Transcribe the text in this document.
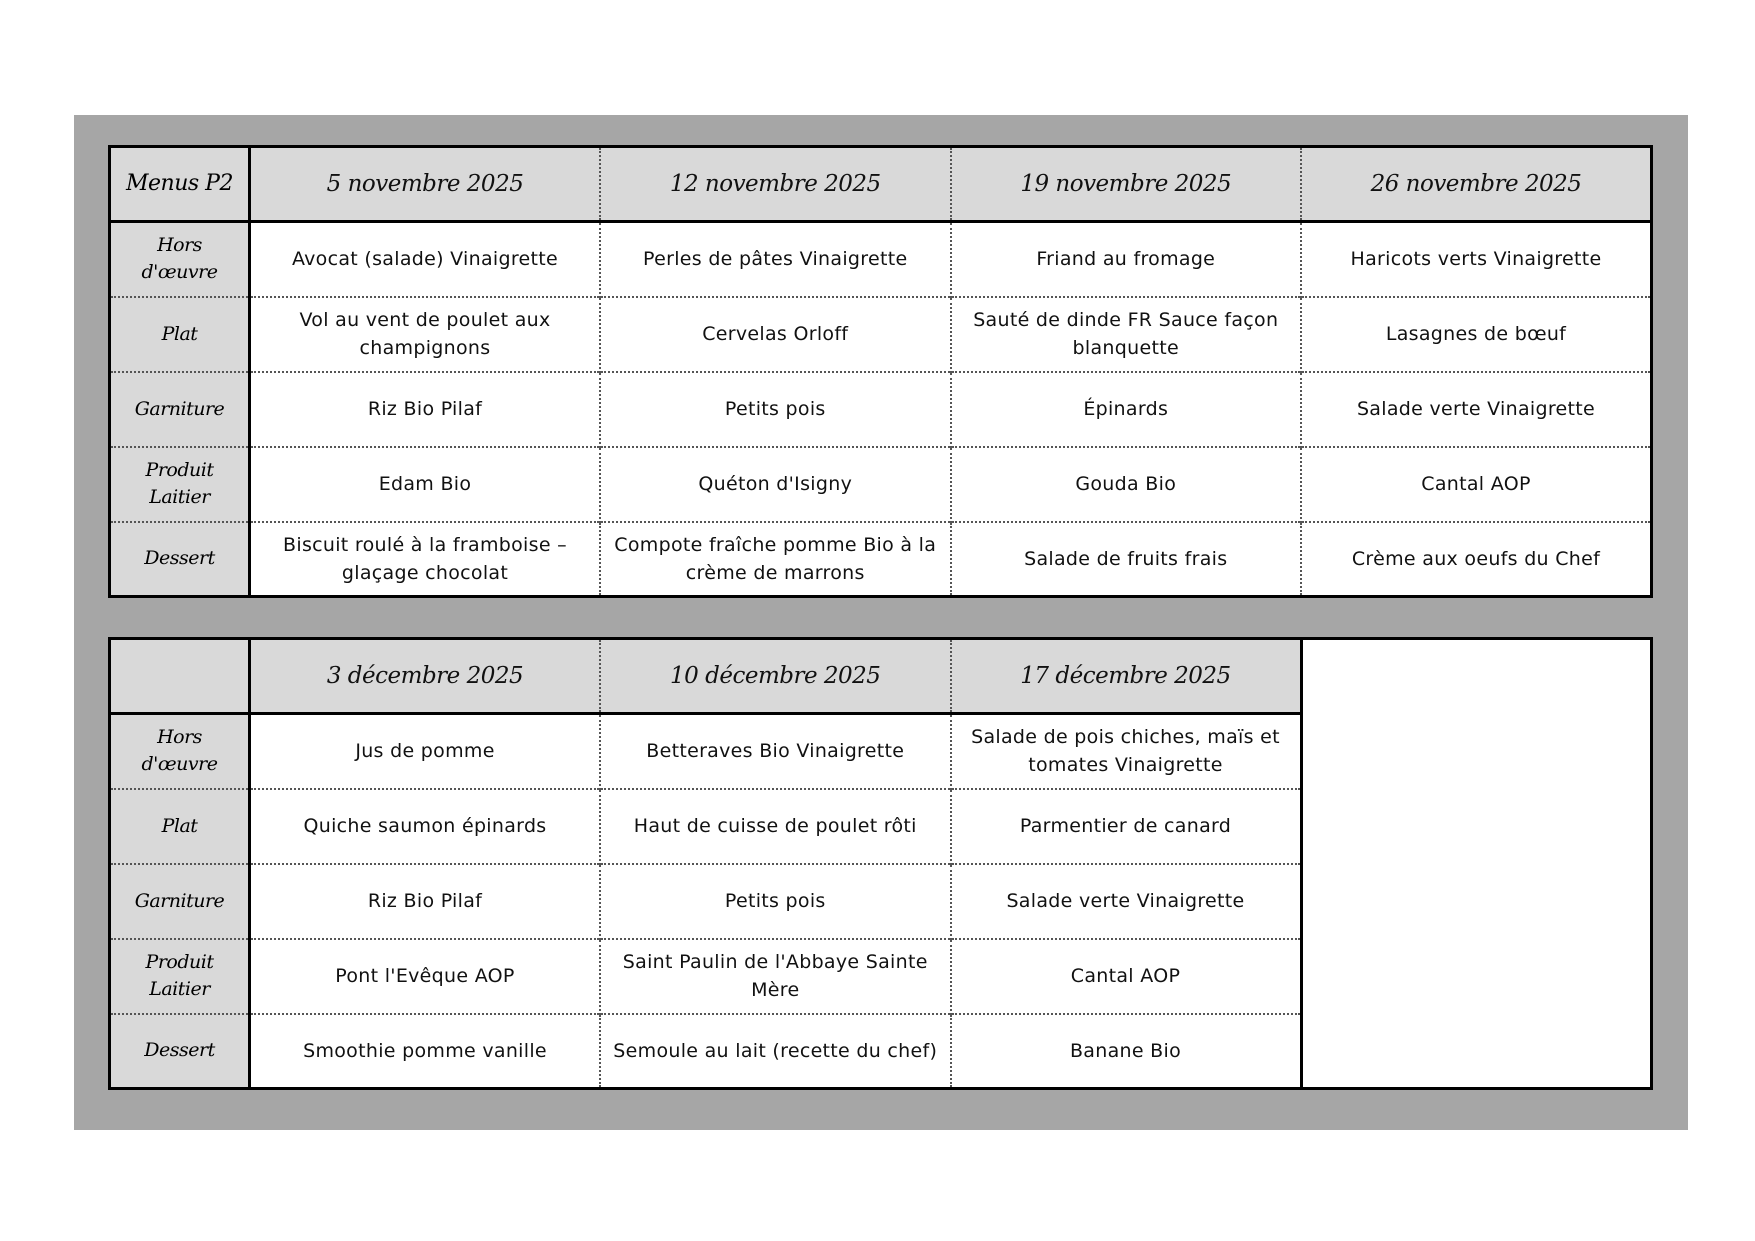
Menus P2	5 novembre 2025	12 novembre 2025	19 novembre 2025	26 novembre 2025
Hors d'œuvre	Avocat (salade) Vinaigrette	Perles de pâtes Vinaigrette	Friand au fromage	Haricots verts Vinaigrette
Plat	Vol au vent de poulet aux champignons	Cervelas Orloff	Sauté de dinde FR Sauce façon blanquette	Lasagnes de bœuf
Garniture	Riz Bio Pilaf	Petits pois	Épinards	Salade verte Vinaigrette
Produit Laitier	Edam Bio	Quéton d'Isigny	Gouda Bio	Cantal AOP
Dessert	Biscuit roulé à la framboise – glaçage chocolat	Compote fraîche pomme Bio à la crème de marrons	Salade de fruits frais	Crème aux oeufs du Chef
	3 décembre 2025	10 décembre 2025	17 décembre 2025	
Hors d'œuvre	Jus de pomme	Betteraves Bio Vinaigrette	Salade de pois chiches, maïs et tomates Vinaigrette	
Plat	Quiche saumon épinards	Haut de cuisse de poulet rôti	Parmentier de canard	
Garniture	Riz Bio Pilaf	Petits pois	Salade verte Vinaigrette	
Produit Laitier	Pont l'Evêque AOP	Saint Paulin de l'Abbaye Sainte Mère	Cantal AOP	
Dessert	Smoothie pomme vanille	Semoule au lait (recette du chef)	Banane Bio	
